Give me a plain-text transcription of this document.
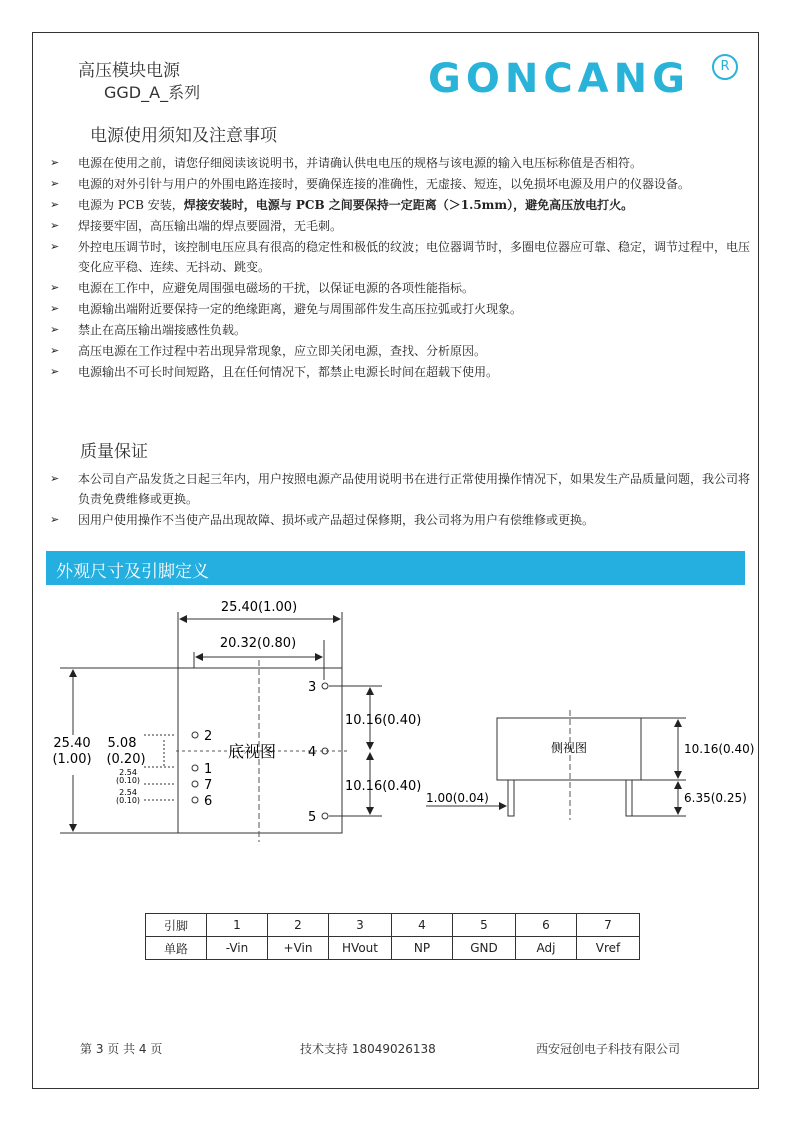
高压模块电源
GGD_A_系列	GONCANG	R
电源使用须知及注意事项
➢ 电源在使用之前，请您仔细阅读该说明书，并请确认供电电压的规格与该电源的输入电压标称值是否相符。
➢ 电源的对外引针与用户的外围电路连接时，要确保连接的准确性，无虚接、短连，以免损坏电源及用户的仪器设备。
➢ 电源为 PCB 安装，焊接安装时，电源与 PCB 之间要保持一定距离（＞1.5mm），避免高压放电打火。
➢ 焊接要牢固，高压输出端的焊点要圆滑，无毛刺。
➢ 外控电压调节时，该控制电压应具有很高的稳定性和极低的纹波；电位器调节时，多圈电位器应可靠、稳定，调节过程中，电压变化应平稳、连续、无抖动、跳变。
➢ 电源在工作中，应避免周围强电磁场的干扰，以保证电源的各项性能指标。
➢ 电源输出端附近要保持一定的绝缘距离，避免与周围部件发生高压拉弧或打火现象。
➢ 禁止在高压输出端接感性负载。
➢ 高压电源在工作过程中若出现异常现象，应立即关闭电源，查找、分析原因。
➢ 电源输出不可长时间短路，且在任何情况下，都禁止电源长时间在超载下使用。
质量保证
➢ 本公司自产品发货之日起三年内，用户按照电源产品使用说明书在进行正常使用操作情况下，如果发生产品质量问题，我公司将负责免费维修或更换。
➢ 因用户使用操作不当使产品出现故障、损坏或产品超过保修期，我公司将为用户有偿维修或更换。
外观尺寸及引脚定义
25.40(1.00)
20.32(0.80)
25.40
(1.00)
5.08
(0.20)
2.54
(0.10)
2.54
(0.10)
2
1
7
6
3
4
5
底视图
10.16(0.40)
10.16(0.40)
侧视图	10.16(0.40)
6.35(0.25)
1.00(0.04)
引脚	1	2	3	4	5	6	7
单路	-Vin	+Vin	HVout	NP	GND	Adj	Vref
第 3 页 共 4 页	技术支持 18049026138	西安冠创电子科技有限公司
